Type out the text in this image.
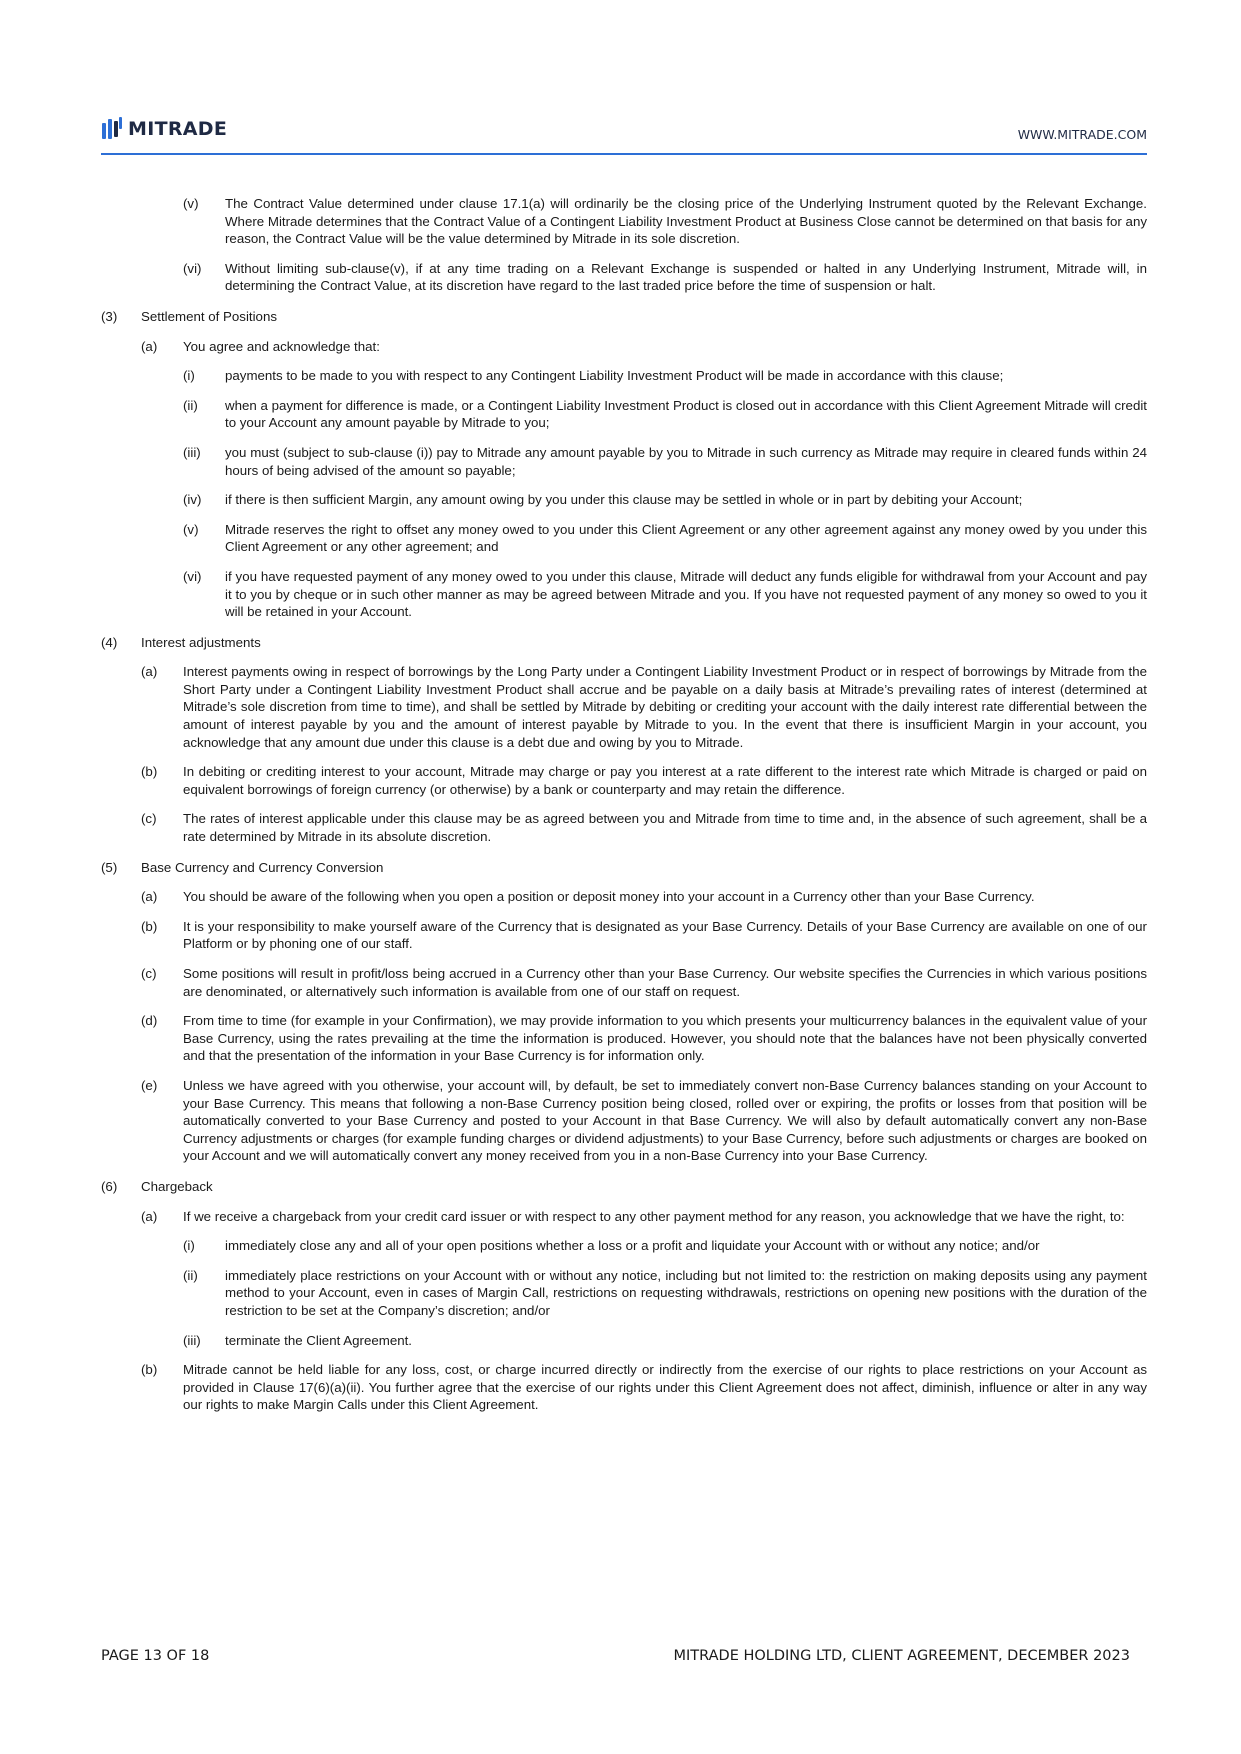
MITRADE	WWW.MITRADE.COM
(v)	The Contract Value determined under clause 17.1(a) will ordinarily be the closing price of the Underlying Instrument quoted by the Relevant Exchange. Where Mitrade determines that the Contract Value of a Contingent Liability Investment Product at Business Close cannot be determined on that basis for any reason, the Contract Value will be the value determined by Mitrade in its sole discretion.
(vi)	Without limiting sub-clause(v), if at any time trading on a Relevant Exchange is suspended or halted in any Underlying Instrument, Mitrade will, in determining the Contract Value, at its discretion have regard to the last traded price before the time of suspension or halt.
(3)	Settlement of Positions
(a)	You agree and acknowledge that:
(i)	payments to be made to you with respect to any Contingent Liability Investment Product will be made in accordance with this clause;
(ii)	when a payment for difference is made, or a Contingent Liability Investment Product is closed out in accordance with this Client Agreement Mitrade will credit to your Account any amount payable by Mitrade to you;
(iii)	you must (subject to sub-clause (i)) pay to Mitrade any amount payable by you to Mitrade in such currency as Mitrade may require in cleared funds within 24 hours of being advised of the amount so payable;
(iv)	if there is then sufficient Margin, any amount owing by you under this clause may be settled in whole or in part by debiting your Account;
(v)	Mitrade reserves the right to offset any money owed to you under this Client Agreement or any other agreement against any money owed by you under this Client Agreement or any other agreement; and
(vi)	if you have requested payment of any money owed to you under this clause, Mitrade will deduct any funds eligible for withdrawal from your Account and pay it to you by cheque or in such other manner as may be agreed between Mitrade and you. If you have not requested payment of any money so owed to you it will be retained in your Account.
(4)	Interest adjustments
(a)	Interest payments owing in respect of borrowings by the Long Party under a Contingent Liability Investment Product or in respect of borrowings by Mitrade from the Short Party under a Contingent Liability Investment Product shall accrue and be payable on a daily basis at Mitrade’s prevailing rates of interest (determined at Mitrade’s sole discretion from time to time), and shall be settled by Mitrade by debiting or crediting your account with the daily interest rate differential between the amount of interest payable by you and the amount of interest payable by Mitrade to you. In the event that there is insufficient Margin in your account, you acknowledge that any amount due under this clause is a debt due and owing by you to Mitrade.
(b)	In debiting or crediting interest to your account, Mitrade may charge or pay you interest at a rate different to the interest rate which Mitrade is charged or paid on equivalent borrowings of foreign currency (or otherwise) by a bank or counterparty and may retain the difference.
(c)	The rates of interest applicable under this clause may be as agreed between you and Mitrade from time to time and, in the absence of such agreement, shall be a rate determined by Mitrade in its absolute discretion.
(5)	Base Currency and Currency Conversion
(a)	You should be aware of the following when you open a position or deposit money into your account in a Currency other than your Base Currency.
(b)	It is your responsibility to make yourself aware of the Currency that is designated as your Base Currency. Details of your Base Currency are available on one of our Platform or by phoning one of our staff.
(c)	Some positions will result in profit/loss being accrued in a Currency other than your Base Currency. Our website specifies the Currencies in which various positions are denominated, or alternatively such information is available from one of our staff on request.
(d)	From time to time (for example in your Confirmation), we may provide information to you which presents your multicurrency balances in the equivalent value of your Base Currency, using the rates prevailing at the time the information is produced. However, you should note that the balances have not been physically converted and that the presentation of the information in your Base Currency is for information only.
(e)	Unless we have agreed with you otherwise, your account will, by default, be set to immediately convert non-Base Currency balances standing on your Account to your Base Currency. This means that following a non-Base Currency position being closed, rolled over or expiring, the profits or losses from that position will be automatically converted to your Base Currency and posted to your Account in that Base Currency. We will also by default automatically convert any non-Base Currency adjustments or charges (for example funding charges or dividend adjustments) to your Base Currency, before such adjustments or charges are booked on your Account and we will automatically convert any money received from you in a non-Base Currency into your Base Currency.
(6)	Chargeback
(a)	If we receive a chargeback from your credit card issuer or with respect to any other payment method for any reason, you acknowledge that we have the right, to:
(i)	immediately close any and all of your open positions whether a loss or a profit and liquidate your Account with or without any notice; and/or
(ii)	immediately place restrictions on your Account with or without any notice, including but not limited to: the restriction on making deposits using any payment method to your Account, even in cases of Margin Call, restrictions on requesting withdrawals, restrictions on opening new positions with the duration of the restriction to be set at the Company’s discretion; and/or
(iii)	terminate the Client Agreement.
(b)	Mitrade cannot be held liable for any loss, cost, or charge incurred directly or indirectly from the exercise of our rights to place restrictions on your Account as provided in Clause 17(6)(a)(ii). You further agree that the exercise of our rights under this Client Agreement does not affect, diminish, influence or alter in any way our rights to make Margin Calls under this Client Agreement.
PAGE 13 OF 18	MITRADE HOLDING LTD, CLIENT AGREEMENT, DECEMBER 2023
